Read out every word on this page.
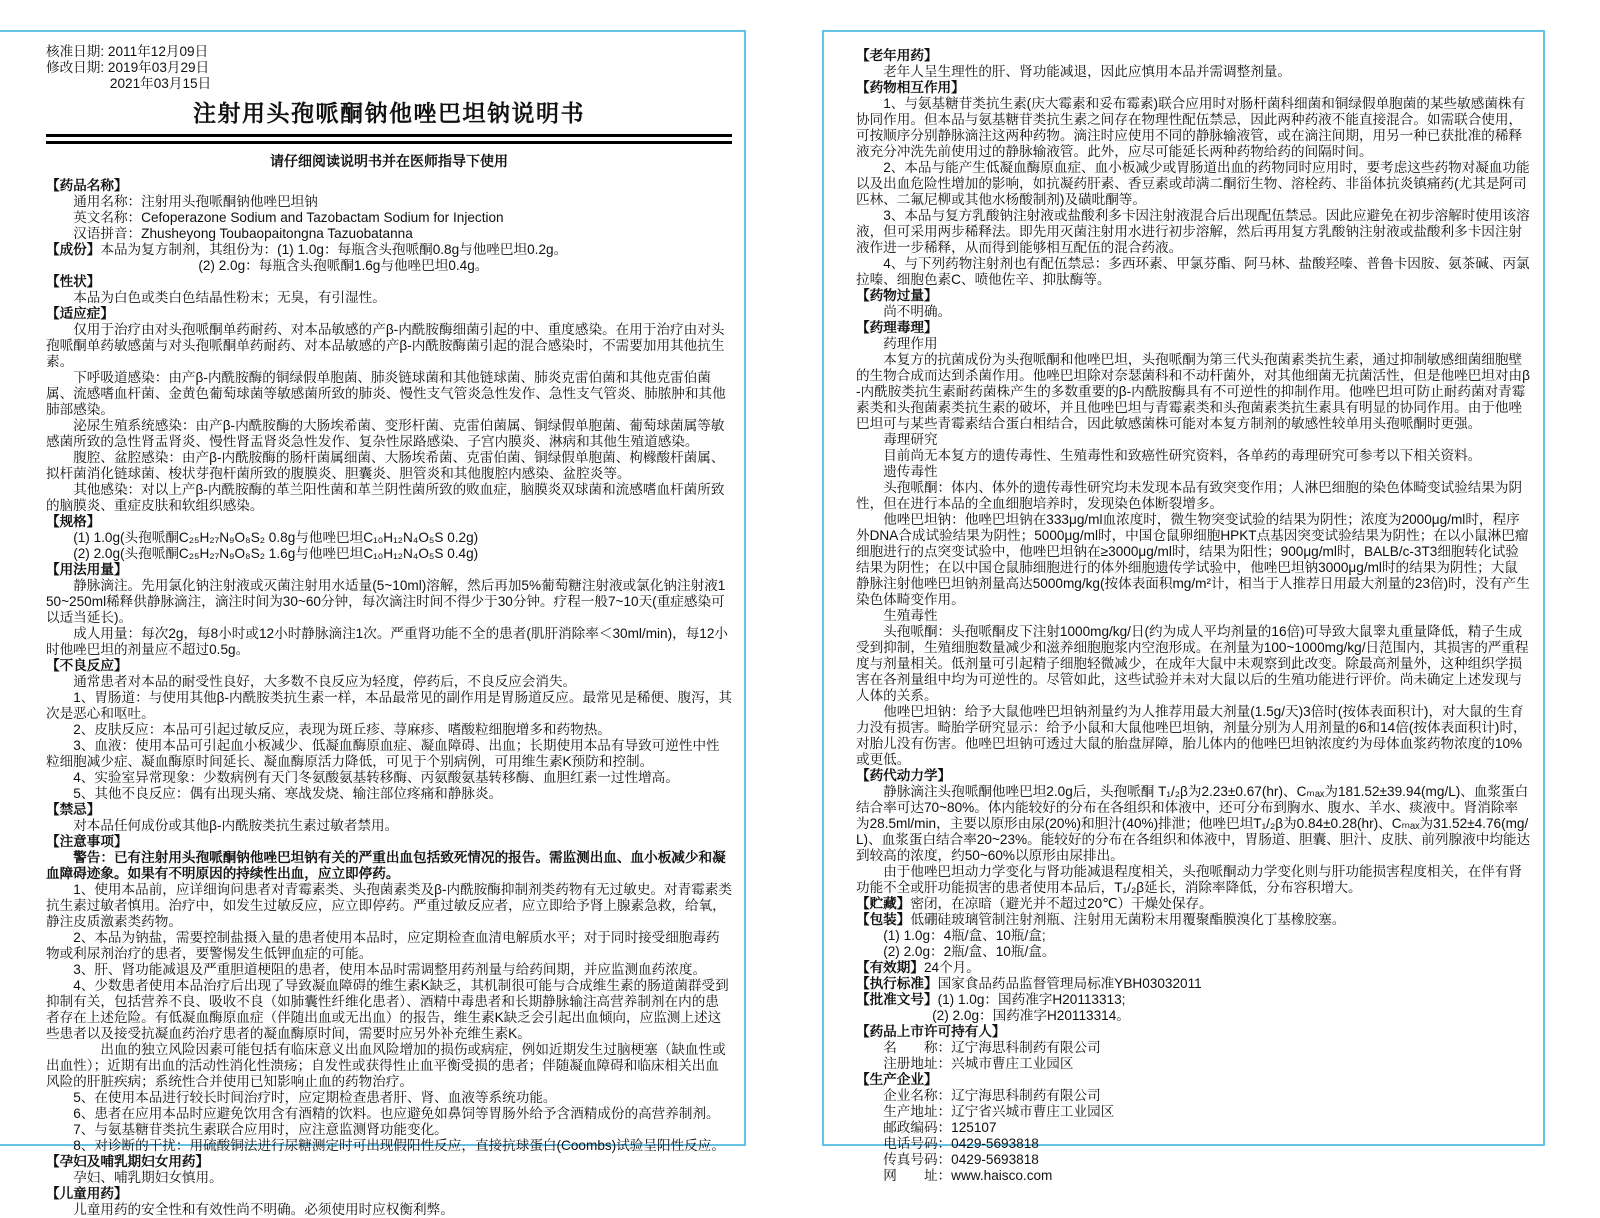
核准日期: 2011年12月09日

修改日期: 2019年03月29日

2021年03月15日

注射用头孢哌酮钠他唑巴坦钠说明书
请仔细阅读说明书并在医师指导下使用

【药品名称】

通用名称：注射用头孢哌酮钠他唑巴坦钠

英文名称：Cefoperazone Sodium and Tazobactam Sodium for Injection

汉语拼音：Zhusheyong Toubaopaitongna Tazuobatanna

【成份】本品为复方制剂，其组份为：(1) 1.0g：每瓶含头孢哌酮0.8g与他唑巴坦0.2g。

(2) 2.0g：每瓶含头孢哌酮1.6g与他唑巴坦0.4g。

【性状】

本品为白色或类白色结晶性粉末；无臭，有引湿性。

【适应症】

仅用于治疗由对头孢哌酮单药耐药、对本品敏感的产β-内酰胺酶细菌引起的中、重度感染。在用于治疗由对头孢哌酮单药敏感菌与对头孢哌酮单药耐药、对本品敏感的产β-内酰胺酶菌引起的混合感染时，不需要加用其他抗生素。

下呼吸道感染：由产β-内酰胺酶的铜绿假单胞菌、肺炎链球菌和其他链球菌、肺炎克雷伯菌和其他克雷伯菌属、流感嗜血杆菌、金黄色葡萄球菌等敏感菌所致的肺炎、慢性支气管炎急性发作、急性支气管炎、肺脓肿和其他肺部感染。

泌尿生殖系统感染：由产β-内酰胺酶的大肠埃希菌、变形杆菌、克雷伯菌属、铜绿假单胞菌、葡萄球菌属等敏感菌所致的急性肾盂肾炎、慢性肾盂肾炎急性发作、复杂性尿路感染、子宫内膜炎、淋病和其他生殖道感染。

腹腔、盆腔感染：由产β-内酰胺酶的肠杆菌属细菌、大肠埃希菌、克雷伯菌、铜绿假单胞菌、枸橼酸杆菌属、拟杆菌消化链球菌、梭状芽孢杆菌所致的腹膜炎、胆囊炎、胆管炎和其他腹腔内感染、盆腔炎等。

其他感染：对以上产β-内酰胺酶的革兰阳性菌和革兰阴性菌所致的败血症，脑膜炎双球菌和流感嗜血杆菌所致的脑膜炎、重症皮肤和软组织感染。

【规格】

(1) 1.0g(头孢哌酮C₂₅H₂₇N₉O₈S₂ 0.8g与他唑巴坦C₁₀H₁₂N₄O₅S 0.2g)

(2) 2.0g(头孢哌酮C₂₅H₂₇N₉O₈S₂ 1.6g与他唑巴坦C₁₀H₁₂N₄O₅S 0.4g)

【用法用量】

静脉滴注。先用氯化钠注射液或灭菌注射用水适量(5~10ml)溶解，然后再加5%葡萄糖注射液或氯化钠注射液150~250ml稀释供静脉滴注，滴注时间为30~60分钟，每次滴注时间不得少于30分钟。疗程一般7~10天(重症感染可以适当延长)。

成人用量：每次2g，每8小时或12小时静脉滴注1次。严重肾功能不全的患者(肌肝消除率＜30ml/min)，每12小时他唑巴坦的剂量应不超过0.5g。

【不良反应】

通常患者对本品的耐受性良好，大多数不良反应为轻度，停药后，不良反应会消失。

1、胃肠道：与使用其他β-内酰胺类抗生素一样，本品最常见的副作用是胃肠道反应。最常见是稀便、腹泻，其次是恶心和呕吐。

2、皮肤反应：本品可引起过敏反应，表现为斑丘疹、荨麻疹、嗜酸粒细胞增多和药物热。

3、血液：使用本品可引起血小板减少、低凝血酶原血症、凝血障碍、出血；长期使用本品有导致可逆性中性粒细胞减少症、凝血酶原时间延长、凝血酶原活力降低，可见于个别病例，可用维生素K预防和控制。

4、实验室异常现象：少数病例有天门冬氨酸氨基转移酶、丙氨酸氨基转移酶、血胆红素一过性增高。

5、其他不良反应：偶有出现头痛、寒战发烧、输注部位疼痛和静脉炎。

【禁忌】

对本品任何成份或其他β-内酰胺类抗生素过敏者禁用。

【注意事项】

警告：已有注射用头孢哌酮钠他唑巴坦钠有关的严重出血包括致死情况的报告。需监测出血、血小板减少和凝血障碍迹象。如果有不明原因的持续性出血，应立即停药。

1、使用本品前，应详细询问患者对青霉素类、头孢菌素类及β-内酰胺酶抑制剂类药物有无过敏史。对青霉素类抗生素过敏者慎用。治疗中，如发生过敏反应，应立即停药。严重过敏反应者，应立即给予肾上腺素急救，给氧，静注皮质激素类药物。

2、本品为钠盐，需要控制盐摄入量的患者使用本品时，应定期检查血清电解质水平；对于同时接受细胞毒药物或利尿剂治疗的患者，要警惕发生低钾血症的可能。

3、肝、肾功能减退及严重胆道梗阻的患者，使用本品时需调整用药剂量与给药间期，并应监测血药浓度。

4、少数患者使用本品治疗后出现了导致凝血障碍的维生素K缺乏，其机制很可能与合成维生素的肠道菌群受到抑制有关，包括营养不良、吸收不良（如肺囊性纤维化患者）、酒精中毒患者和长期静脉输注高营养制剂在内的患者存在上述危险。有低凝血酶原血症（伴随出血或无出血）的报告，维生素K缺乏会引起出血倾向，应监测上述这些患者以及接受抗凝血药治疗患者的凝血酶原时间，需要时应另外补充维生素K。

出血的独立风险因素可能包括有临床意义出血风险增加的损伤或病症，例如近期发生过脑梗塞（缺血性或出血性）；近期有出血的活动性消化性溃疡；自发性或获得性止血平衡受损的患者；伴随凝血障碍和临床相关出血风险的肝脏疾病；系统性合并使用已知影响止血的药物治疗。

5、在使用本品进行较长时间治疗时，应定期检查患者肝、肾、血液等系统功能。

6、患者在应用本品时应避免饮用含有酒精的饮料。也应避免如鼻饲等胃肠外给予含酒精成份的高营养制剂。

7、与氨基糖苷类抗生素联合应用时，应注意监测肾功能变化。

8、对诊断的干扰：用硫酸铜法进行尿糖测定时可出现假阳性反应，直接抗球蛋白(Coombs)试验呈阳性反应。

【孕妇及哺乳期妇女用药】

孕妇、哺乳期妇女慎用。

【儿童用药】

儿童用药的安全性和有效性尚不明确。必须使用时应权衡利弊。

【老年用药】

老年人呈生理性的肝、肾功能减退，因此应慎用本品并需调整剂量。

【药物相互作用】

1、与氨基糖苷类抗生素(庆大霉素和妥布霉素)联合应用时对肠杆菌科细菌和铜绿假单胞菌的某些敏感菌株有协同作用。但本品与氨基糖苷类抗生素之间存在物理性配伍禁忌，因此两种药液不能直接混合。如需联合使用，可按顺序分别静脉滴注这两种药物。滴注时应使用不同的静脉输液管，或在滴注间期，用另一种已获批准的稀释液充分冲洗先前使用过的静脉输液管。此外，应尽可能延长两种药物给药的间隔时间。

2、本品与能产生低凝血酶原血症、血小板减少或胃肠道出血的药物同时应用时，要考虑这些药物对凝血功能以及出血危险性增加的影响，如抗凝药肝素、香豆素或茚满二酮衍生物、溶栓药、非甾体抗炎镇痛药(尤其是阿司匹林、二氟尼柳或其他水杨酸制剂)及磺吡酮等。

3、本品与复方乳酸钠注射液或盐酸利多卡因注射液混合后出现配伍禁忌。因此应避免在初步溶解时使用该溶液，但可采用两步稀释法。即先用灭菌注射用水进行初步溶解，然后再用复方乳酸钠注射液或盐酸利多卡因注射液作进一步稀释，从而得到能够相互配伍的混合药液。

4、与下列药物注射剂也有配伍禁忌：多西环素、甲氯芬酯、阿马林、盐酸羟嗪、普鲁卡因胺、氨茶碱、丙氯拉嗪、细胞色素C、喷他佐辛、抑肽酶等。

【药物过量】

尚不明确。

【药理毒理】

药理作用

本复方的抗菌成份为头孢哌酮和他唑巴坦，头孢哌酮为第三代头孢菌素类抗生素，通过抑制敏感细菌细胞壁的生物合成而达到杀菌作用。他唑巴坦除对奈瑟菌科和不动杆菌外，对其他细菌无抗菌活性，但是他唑巴坦对由β-内酰胺类抗生素耐药菌株产生的多数重要的β-内酰胺酶具有不可逆性的抑制作用。他唑巴坦可防止耐药菌对青霉素类和头孢菌素类抗生素的破坏，并且他唑巴坦与青霉素类和头孢菌素类抗生素具有明显的协同作用。由于他唑巴坦可与某些青霉素结合蛋白相结合，因此敏感菌株可能对本复方制剂的敏感性较单用头孢哌酮时更强。

毒理研究

目前尚无本复方的遗传毒性、生殖毒性和致癌性研究资料，各单药的毒理研究可参考以下相关资料。

遗传毒性

头孢哌酮：体内、体外的遗传毒性研究均未发现本品有致突变作用；人淋巴细胞的染色体畸变试验结果为阴性，但在进行本品的全血细胞培养时，发现染色体断裂增多。

他唑巴坦钠：他唑巴坦钠在333μg/ml血浓度时，微生物突变试验的结果为阴性；浓度为2000μg/ml时，程序外DNA合成试验结果为阴性；5000μg/ml时，中国仓鼠卵细胞HPKT点基因突变试验结果为阴性；在以小鼠淋巴瘤细胞进行的点突变试验中，他唑巴坦钠在≥3000μg/ml时，结果为阳性；900μg/ml时，BALB/c-3T3细胞转化试验结果为阴性；在以中国仓鼠肺细胞进行的体外细胞遗传学试验中，他唑巴坦钠3000μg/ml时的结果为阴性；大鼠静脉注射他唑巴坦钠剂量高达5000mg/kg(按体表面积mg/m²计，相当于人推荐日用最大剂量的23倍)时，没有产生染色体畸变作用。

生殖毒性

头孢哌酮：头孢哌酮皮下注射1000mg/kg/日(约为成人平均剂量的16倍)可导致大鼠睾丸重量降低，精子生成受到抑制，生殖细胞数量减少和滋养细胞胞浆内空泡形成。在剂量为100~1000mg/kg/日范围内，其损害的严重程度与剂量相关。低剂量可引起精子细胞轻微减少，在成年大鼠中未观察到此改变。除最高剂量外，这种组织学损害在各剂量组中均为可逆性的。尽管如此，这些试验并未对大鼠以后的生殖功能进行评价。尚未确定上述发现与人体的关系。

他唑巴坦钠：给予大鼠他唑巴坦钠剂量约为人推荐用最大剂量(1.5g/天)3倍时(按体表面积计)，对大鼠的生育力没有损害。畸胎学研究显示：给予小鼠和大鼠他唑巴坦钠，剂量分别为人用剂量的6和14倍(按体表面积计)时，对胎儿没有伤害。他唑巴坦钠可透过大鼠的胎盘屏障，胎儿体内的他唑巴坦钠浓度约为母体血浆药物浓度的10%或更低。

【药代动力学】

静脉滴注头孢哌酮他唑巴坦2.0g后，头孢哌酮 T₁/₂β为2.23±0.67(hr)、Cₘₐₓ为181.52±39.94(mg/L)、血浆蛋白结合率可达70~80%。体内能较好的分布在各组织和体液中，还可分布到胸水、腹水、羊水、痰液中。肾消除率为28.5ml/min，主要以原形由尿(20%)和胆汁(40%)排泄；他唑巴坦T₁/₂β为0.84±0.28(hr)、Cₘₐₓ为31.52±4.76(mg/L)、血浆蛋白结合率20~23%。能较好的分布在各组织和体液中，胃肠道、胆囊、胆汁、皮肤、前列腺液中均能达到较高的浓度，约50~60%以原形由尿排出。

由于他唑巴坦动力学变化与肾功能减退程度相关，头孢哌酮动力学变化则与肝功能损害程度相关，在伴有肾功能不全或肝功能损害的患者使用本品后，T₁/₂β延长，消除率降低，分布容积增大。

【贮藏】密闭，在凉暗（避光并不超过20℃）干燥处保存。

【包装】低硼硅玻璃管制注射剂瓶、注射用无菌粉末用覆聚酯膜溴化丁基橡胶塞。

(1) 1.0g：4瓶/盒、10瓶/盒;

(2) 2.0g：2瓶/盒、10瓶/盒。

【有效期】24个月。

【执行标准】国家食品药品监督管理局标准YBH03032011

【批准文号】(1) 1.0g：国药准字H20113313;

(2) 2.0g：国药准字H20113314。

【药品上市许可持有人】

名　　称：辽宁海思科制药有限公司

注册地址：兴城市曹庄工业园区

【生产企业】

企业名称：辽宁海思科制药有限公司

生产地址：辽宁省兴城市曹庄工业园区

邮政编码：125107

电话号码：0429-5693818

传真号码：0429-5693818

网　　址：www.haisco.com
